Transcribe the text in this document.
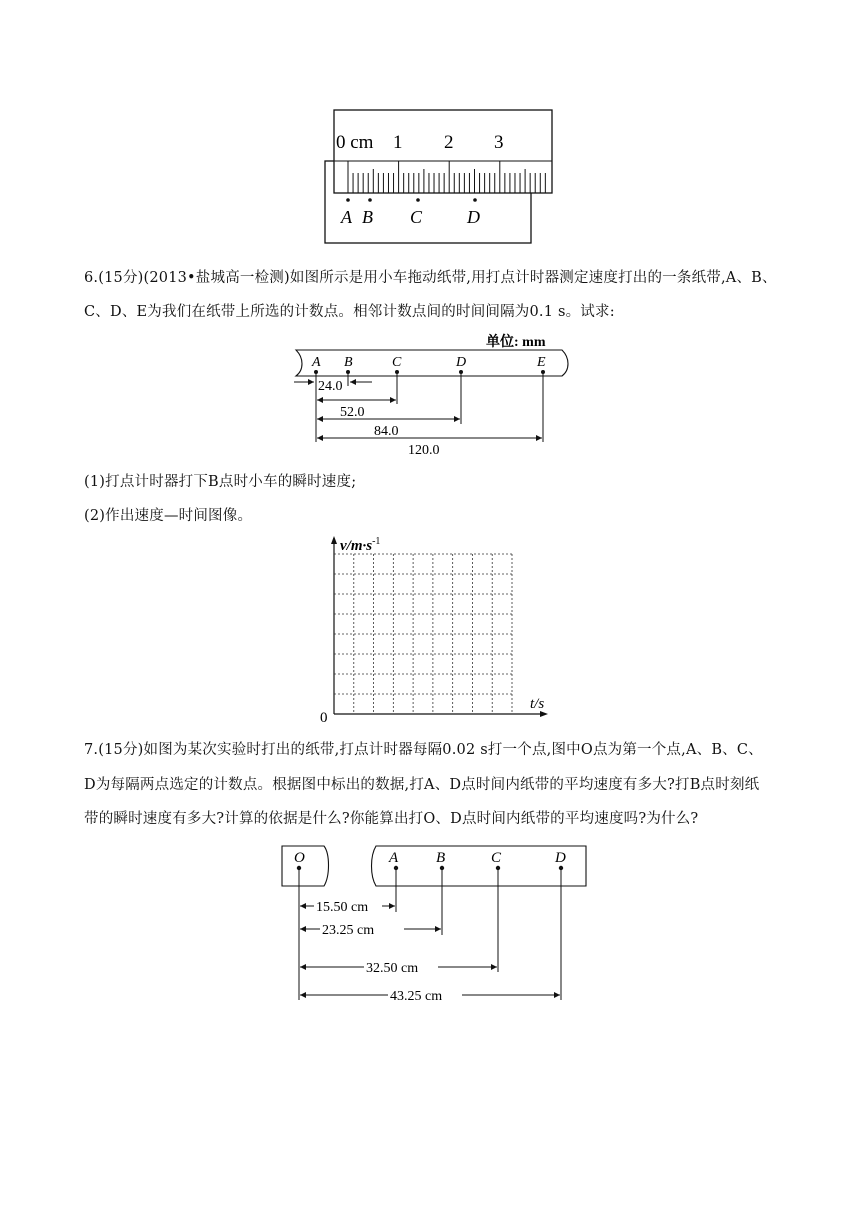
0 cm 1 2 3
A B C D
6.(15分)(2013•盐城高一检测)如图所示是用小车拖动纸带,用打点计时器测定速度打出的一条纸带,A、B、
C、D、E为我们在纸带上所选的计数点。相邻计数点间的时间间隔为0.1 s。试求:
单位: mm
A B	C	D	E
24.0
52.0
84.0
120.0
(1)打点计时器打下B点时小车的瞬时速度;
(2)作出速度—时间图像。
$v/m\cdot s^{-1}$
t/s
0
7.(15分)如图为某次实验时打出的纸带,打点计时器每隔0.02 s打一个点,图中O点为第一个点,A、B、C、
D为每隔两点选定的计数点。根据图中标出的数据,打A、D点时间内纸带的平均速度有多大?打B点时刻纸
带的瞬时速度有多大?计算的依据是什么?你能算出打O、D点时间内纸带的平均速度吗?为什么?
O	A	B	C	D
15.50 cm
23.25 cm
32.50 cm
43.25 cm
